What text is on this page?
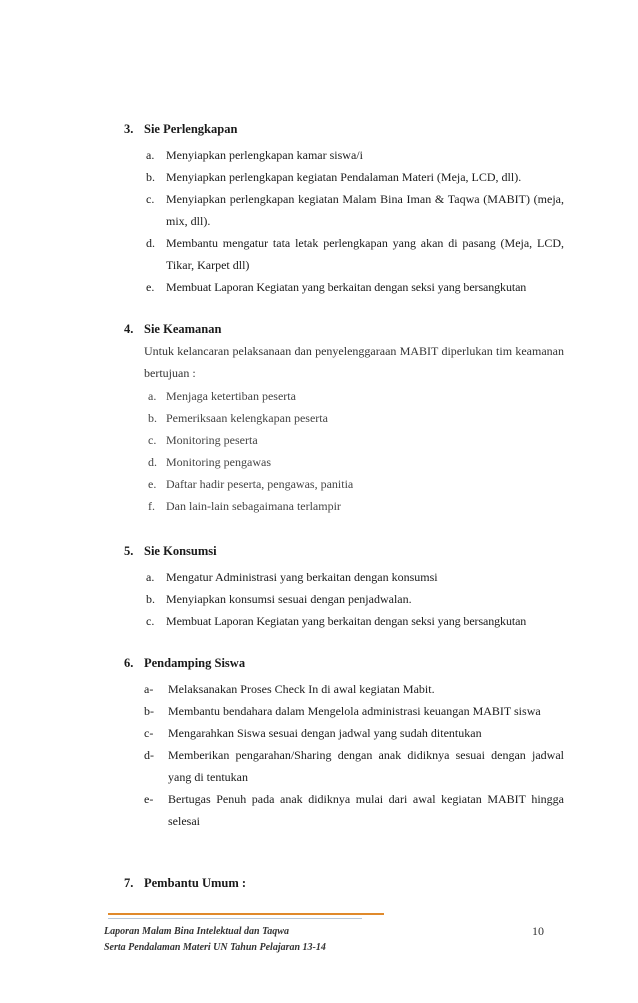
3. Sie Perlengkapan

a. Menyiapkan perlengkapan kamar siswa/i
b. Menyiapkan perlengkapan kegiatan Pendalaman Materi (Meja, LCD, dll).
c. Menyiapkan perlengkapan kegiatan Malam Bina Iman & Taqwa (MABIT) (meja, mix, dll).
d. Membantu mengatur tata letak perlengkapan yang akan di pasang (Meja, LCD, Tikar, Karpet dll)
e. Membuat Laporan Kegiatan yang berkaitan dengan seksi yang bersangkutan
4. Sie Keamanan

Untuk kelancaran pelaksanaan dan penyelenggaraan MABIT diperlukan tim keamanan bertujuan :
a. Menjaga ketertiban peserta
b. Pemeriksaan kelengkapan peserta
c. Monitoring peserta
d. Monitoring pengawas
e. Daftar hadir peserta, pengawas, panitia
f. Dan lain-lain sebagaimana terlampir
5. Sie Konsumsi

a. Mengatur Administrasi yang berkaitan dengan konsumsi
b. Menyiapkan konsumsi sesuai dengan penjadwalan.
c. Membuat Laporan Kegiatan yang berkaitan dengan seksi yang bersangkutan
6. Pendamping Siswa

a- Melaksanakan Proses Check In di awal kegiatan Mabit.
b- Membantu bendahara dalam Mengelola administrasi keuangan MABIT siswa
c- Mengarahkan Siswa sesuai dengan jadwal yang sudah ditentukan
d- Memberikan pengarahan/Sharing dengan anak didiknya sesuai dengan jadwal yang di tentukan
e- Bertugas Penuh pada anak didiknya mulai dari awal kegiatan MABIT hingga selesai
7. Pembantu Umum :

Laporan Malam Bina Intelektual dan Taqwa
Serta Pendalaman Materi UN Tahun Pelajaran 13-14
10
